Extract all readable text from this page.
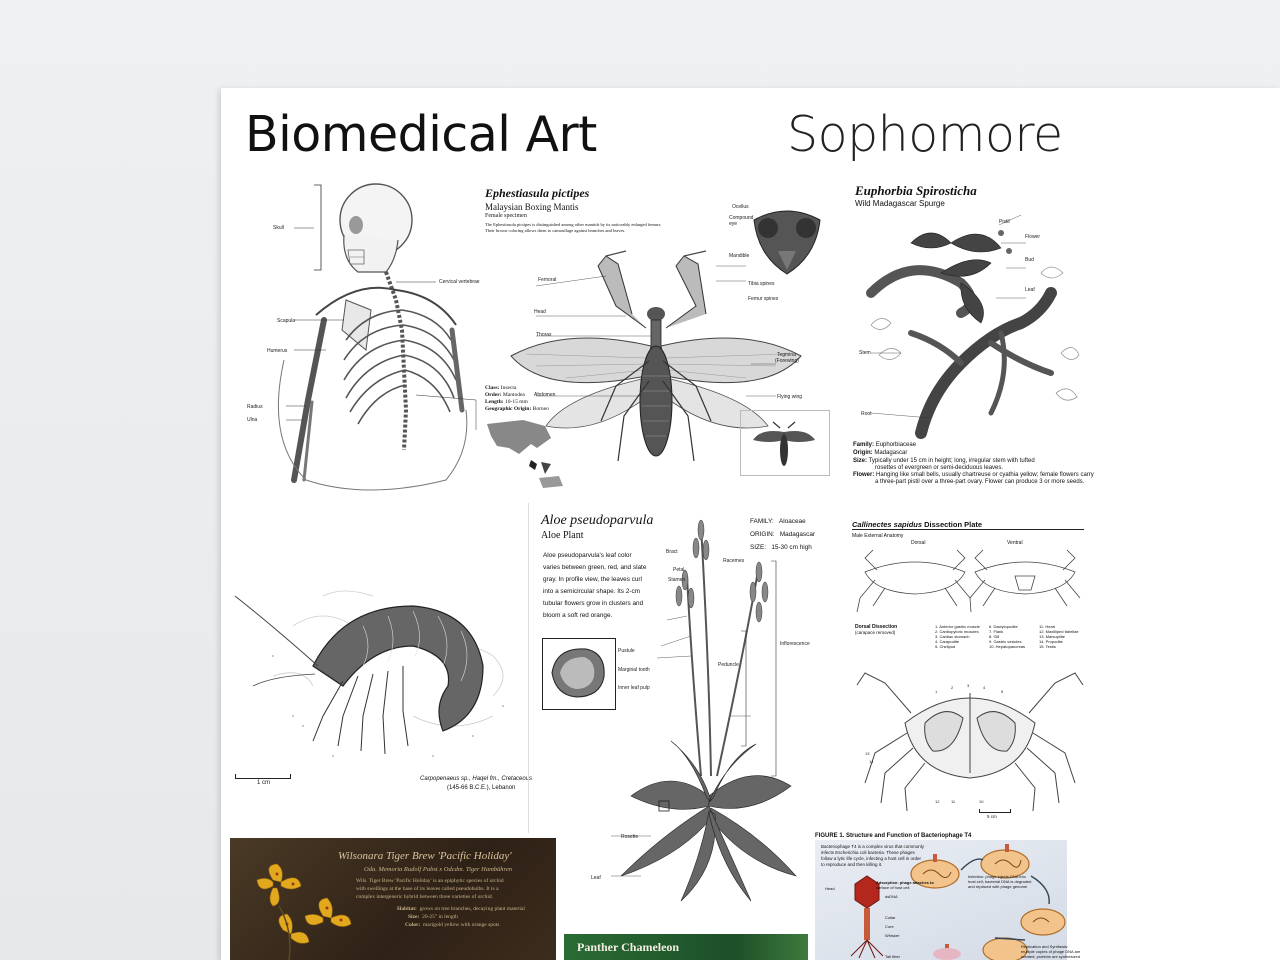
Biomedical Art	Sophomore

Skull

Cervical vertebrae

Scapula

Humerus

Radius

Ulna

Ephestiasula pictipes

Malaysian Boxing Mantis

Female specimen

The Ephestiasula pictipes is distinguished among other mantids by its noticeably enlarged femurs.

Their brown coloring allows them to camouflage against branches and leaves.

Femoral

Head

Thorax

Abdomen

Tibia spines

Femur spines

Tegmina

(Forewing)

Flying wing

Ocellus

Compound

eye

Mandible

Class: Insecta

Order: Mantodea

Length: 10-15 mm

Geographic Origin: Borneo

Euphorbia Spirosticha

Wild Madagascar Spurge

Pistil

Flower

Bud

Leaf

Stem

Root

Family: Euphorbiaceae

Origin: Madagascar

Size: Typically under 15 cm in height; long, irregular stem with tufted

rosettes of evergreen or semi-deciduous leaves.

Flower: Hanging like small bells, usually chartreuse or cyathia yellow; female flowers carry

a three-part pistil over a three-part ovary. Flower can produce 3 or more seeds.

1 cm

Carpopenaeus sp., Haqel fm., Cretaceous

(145-66 B.C.E.), Lebanon

Aloe pseudoparvula

Aloe Plant

Aloe pseudoparvula's leaf color

varies between green, red, and slate

gray. In profile view, the leaves curl

into a semicircular shape. Its 2-cm

tubular flowers grow in clusters and

bloom a soft red orange.

FAMILY: Aloaceae

ORIGIN: Madagascar

SIZE: 15-30 cm high

Pustule

Marginal tooth

Inner leaf pulp

Bract

Racemes

Petal

Stamen

Inflorescence

Peduncle

Rosette

Leaf

Callinectes sapidus Dissection Plate

Male External Anatomy

Dorsal	Ventral

Dorsal Dissection

(carapace removed)

1. Anterior gastric muscle

2. Cardiopyloric muscles

3. Cardiac stomach

4. Carapodite

5. Chelipod

6. Dactylopodite

7. Flank

8. Gill

9. Gastric vesicles

10. Hepatopancreas

11. Heart

12. Maxilliped fabellae

13. Marsupilite

14. Propodite

15. Testis

1
2	3	4
5
13
14
12	11	10

5 cm

Wilsonara Tiger Brew 'Pacific Holiday'

Oda. Memoria Rudolf Pabst x Odcdm. Tiger Hambühren

Wils. Tiger Brew 'Pacific Holiday' is an epiphytic species of orchid

with swellings at the base of its leaves called pseudobulbs. It is a

complex intergeneric hybrid between three varieties of orchid.

Habitat: grows on tree branches, decaying plant material

Size: 20-25" in length

Color: marigold yellow with orange spots

Panther Chameleon

FIGURE 1. Structure and Function of Bacteriophage T4

Bacteriophage T4 is a complex virus that commonly

infects Escherichia coli bacteria. These phages

follow a lytic life cycle, infecting a host cell in order

to reproduce and then killing it.

Adsorption: phage attaches to

surface of host cell

Infection: phage injects DNA into

host cell; bacterial DNA is degraded

and replaced with phage genome

Replication and Synthesis:

multiple copies of phage DNA are

created; proteins are synthesized

Head

dsDNA

Collar

Core

Whisker

Tail fiber
